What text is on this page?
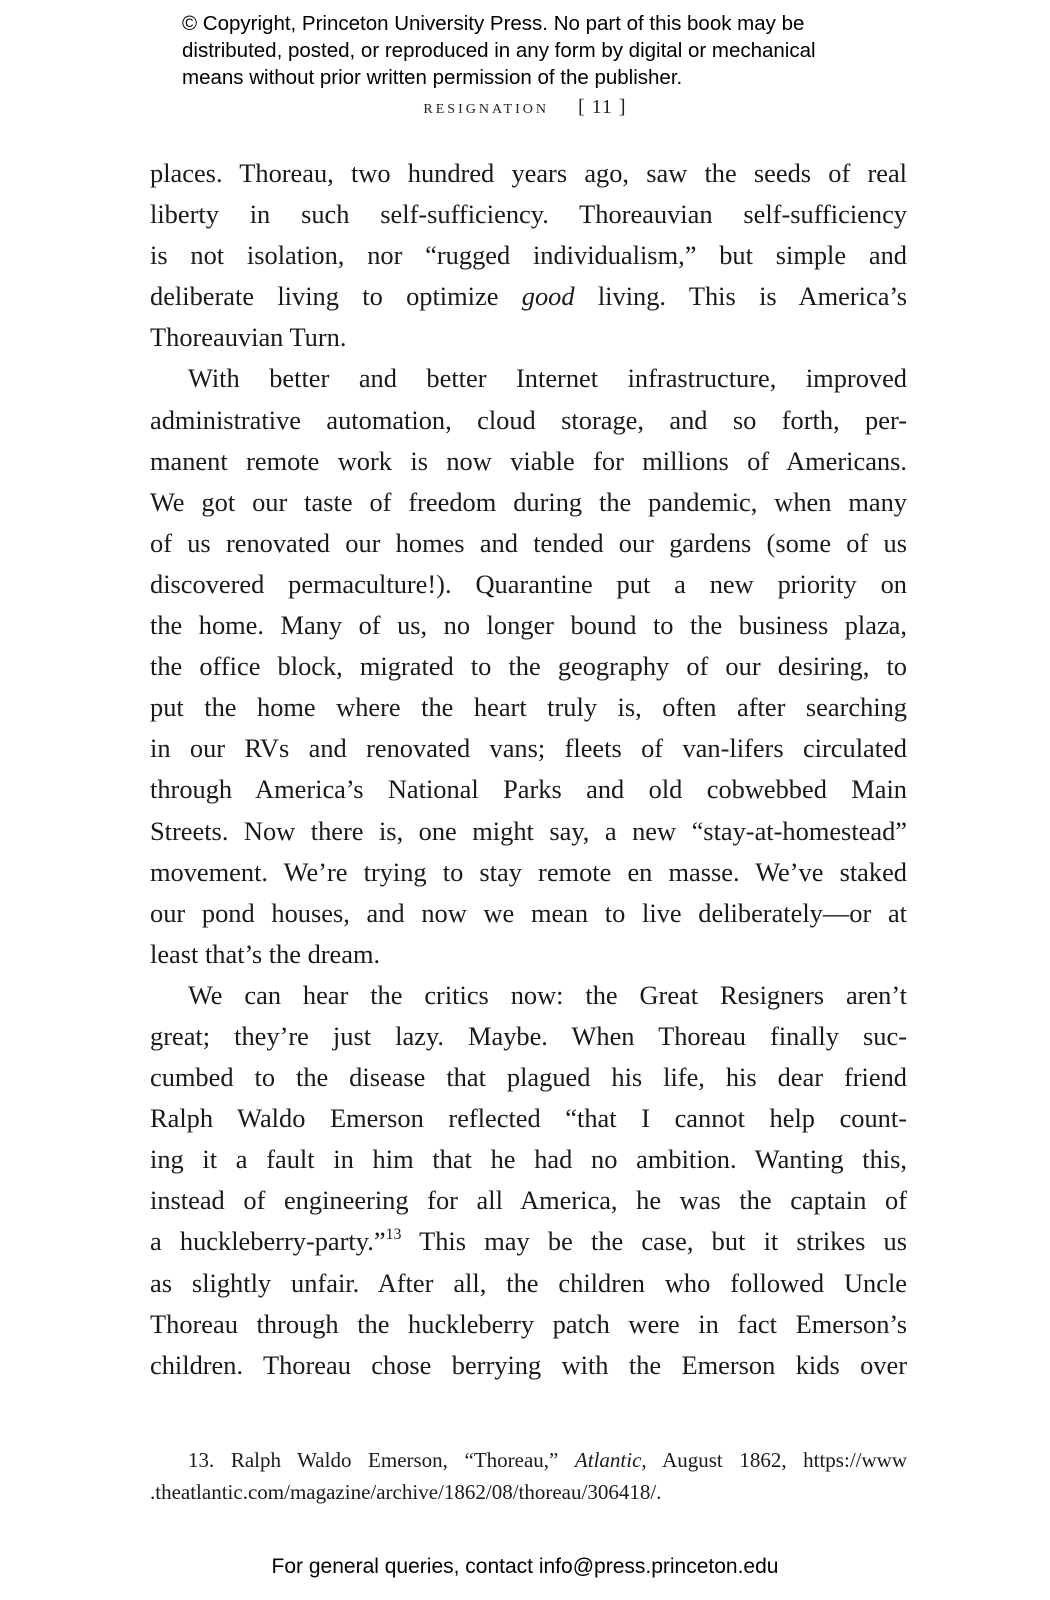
© Copyright, Princeton University Press. No part of this book may be
distributed, posted, or reproduced in any form by digital or mechanical
means without prior written permission of the publisher.
resignation [ 11 ]
places. Thoreau, two hundred years ago, saw the seeds of real
liberty in such self-sufficiency. Thoreauvian self-sufficiency
is not isolation, nor “rugged individualism,” but simple and
deliberate living to optimize good living. This is America’s
Thoreauvian Turn.
With better and better Internet infrastructure, improved
administrative automation, cloud storage, and so forth, per-
manent remote work is now viable for millions of Americans.
We got our taste of freedom during the pandemic, when many
of us renovated our homes and tended our gardens (some of us
discovered permaculture!). Quarantine put a new priority on
the home. Many of us, no longer bound to the business plaza,
the office block, migrated to the geography of our desiring, to
put the home where the heart truly is, often after searching
in our RVs and renovated vans; fleets of van-lifers circulated
through America’s National Parks and old cobwebbed Main
Streets. Now there is, one might say, a new “stay-at-homestead”
movement. We’re trying to stay remote en masse. We’ve staked
our pond houses, and now we mean to live deliberately—or at
least that’s the dream.
We can hear the critics now: the Great Resigners aren’t
great; they’re just lazy. Maybe. When Thoreau finally suc-
cumbed to the disease that plagued his life, his dear friend
Ralph Waldo Emerson reflected “that I cannot help count-
ing it a fault in him that he had no ambition. Wanting this,
instead of engineering for all America, he was the captain of
a huckleberry-party.”$^{13}$ This may be the case, but it strikes us
as slightly unfair. After all, the children who followed Uncle
Thoreau through the huckleberry patch were in fact Emerson’s
children. Thoreau chose berrying with the Emerson kids over
13. Ralph Waldo Emerson, “Thoreau,” Atlantic, August 1862, https://www
.theatlantic.com/magazine/archive/1862/08/thoreau/306418/.
For general queries, contact info@press.princeton.edu
